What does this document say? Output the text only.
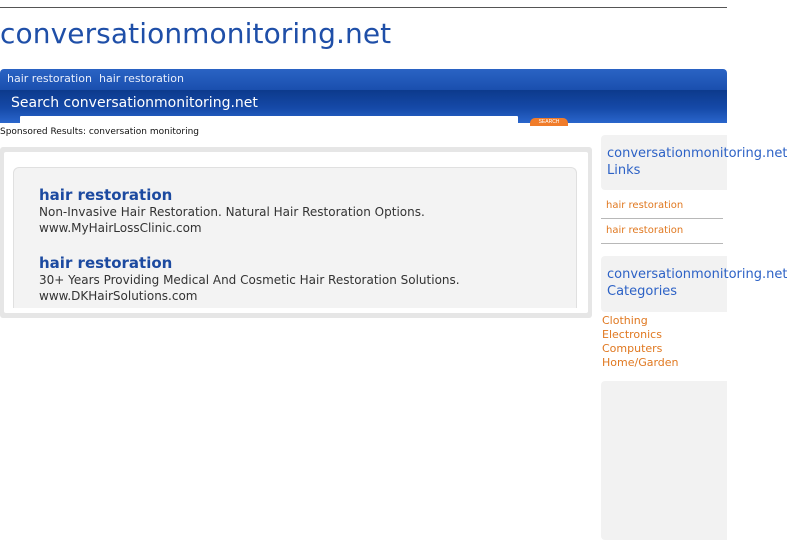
conversationmonitoring.net
hair restoration hair restoration
Search conversationmonitoring.net
SEARCH
Sponsored Results: conversation monitoring
hair restoration
Non-Invasive Hair Restoration. Natural Hair Restoration Options.
www.MyHairLossClinic.com
hair restoration
30+ Years Providing Medical And Cosmetic Hair Restoration Solutions.
www.DKHairSolutions.com
conversationmonitoring.net
Links
hair restoration
hair restoration
conversationmonitoring.net
Categories
Clothing
Electronics
Computers
Home/Garden
